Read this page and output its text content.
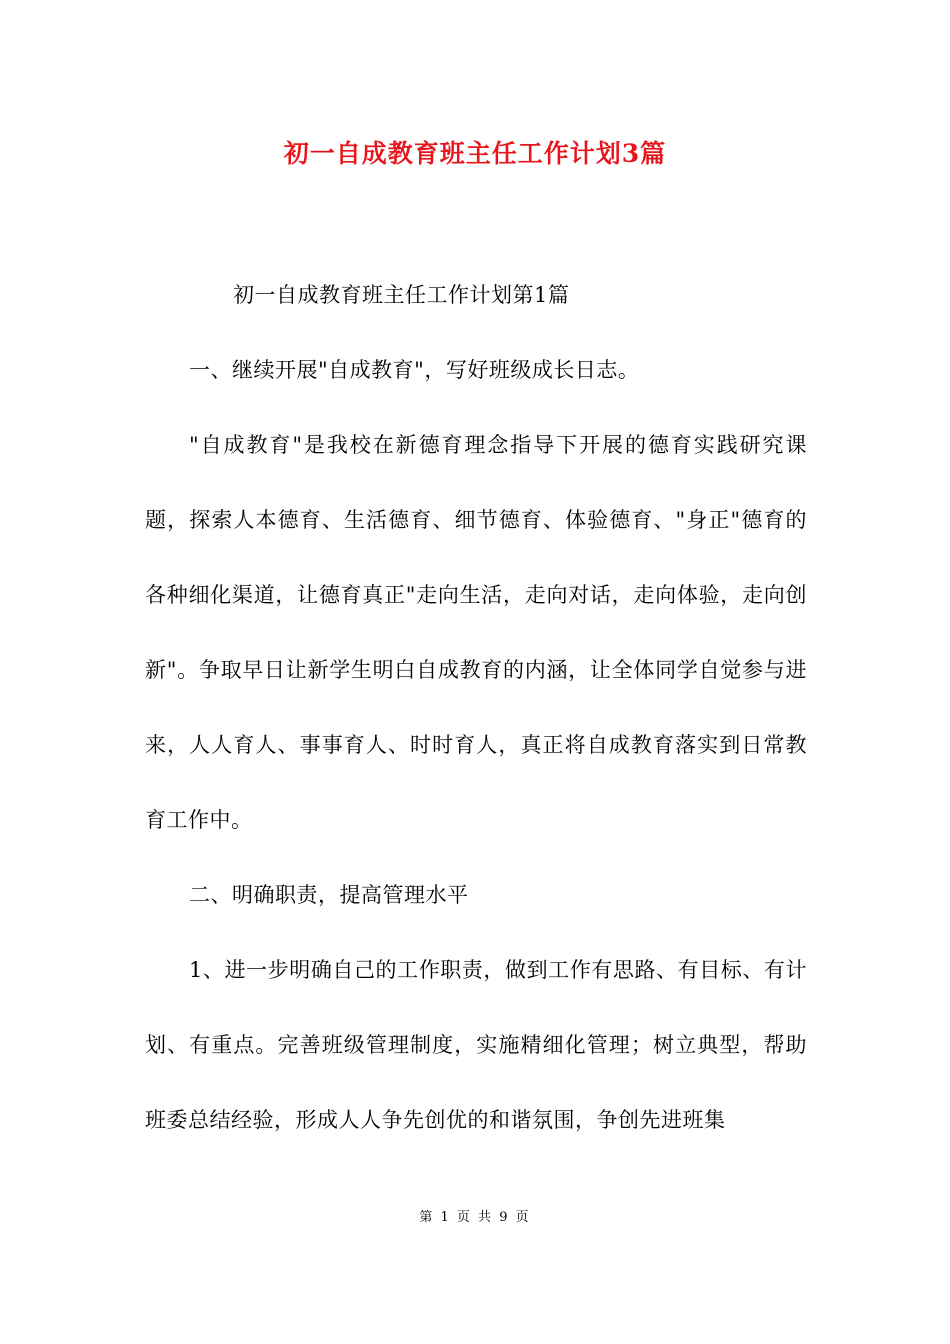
初一自成教育班主任工作计划3篇

初一自成教育班主任工作计划第1篇

一、继续开展"自成教育"，写好班级成长日志。

"自成教育"是我校在新德育理念指导下开展的德育实践研究课题，探索人本德育、生活德育、细节德育、体验德育、"身正"德育的各种细化渠道，让德育真正"走向生活，走向对话，走向体验，走向创新"。争取早日让新学生明白自成教育的内涵，让全体同学自觉参与进来，人人育人、事事育人、时时育人，真正将自成教育落实到日常教育工作中。

二、明确职责，提高管理水平

1、进一步明确自己的工作职责，做到工作有思路、有目标、有计划、有重点。完善班级管理制度，实施精细化管理；树立典型，帮助班委总结经验，形成人人争先创优的和谐氛围，争创先进班集

第 1 页 共 9 页
